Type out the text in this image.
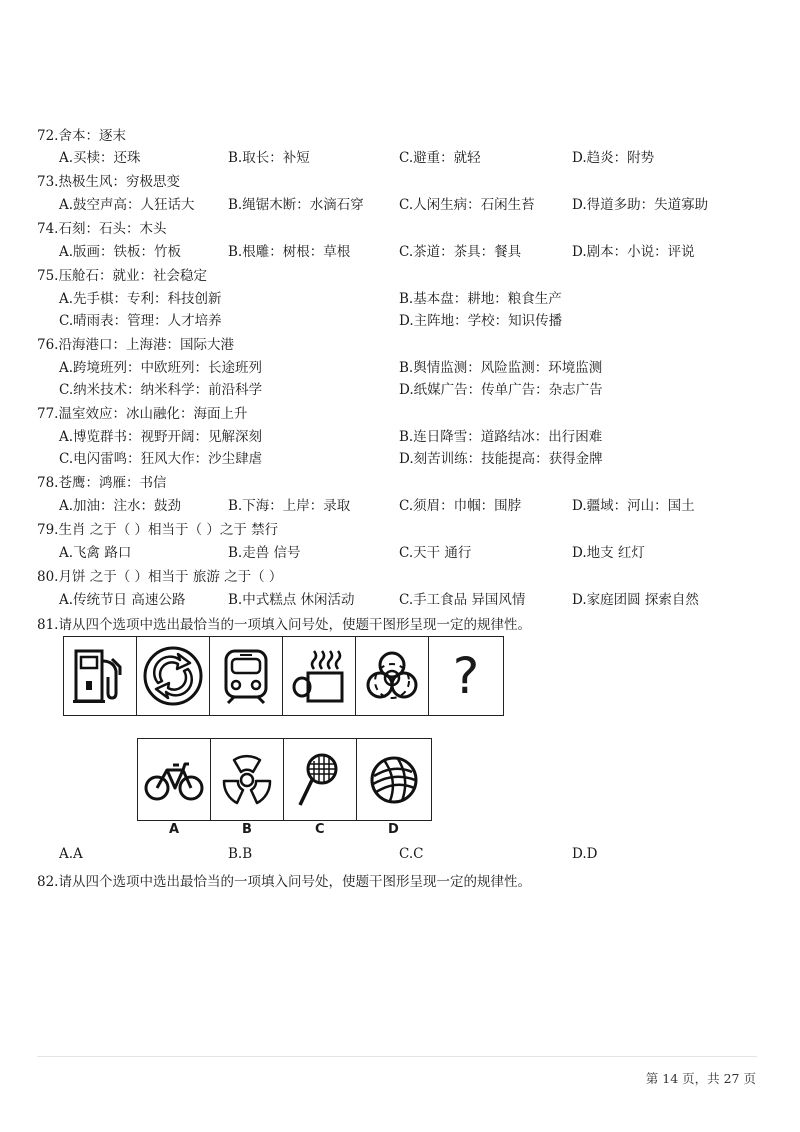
72.舍本：逐末
A.买椟：还珠	B.取长：补短	C.避重：就轻	D.趋炎：附势
73.热极生风：穷极思变
A.鼓空声高：人狂话大 B.绳锯木断：水滴石穿	C.人闲生病：石闲生苔	D.得道多助：失道寡助
74.石刻：石头：木头
A.版画：铁板：竹板	B.根雕：树根：草根	C.茶道：茶具：餐具	D.剧本：小说：评说
75.压舱石：就业：社会稳定
A.先手棋：专利：科技创新	B.基本盘：耕地：粮食生产
C.晴雨表：管理：人才培养	D.主阵地：学校：知识传播
76.沿海港口：上海港：国际大港
A.跨境班列：中欧班列：长途班列	B.舆情监测：风险监测：环境监测
C.纳米技术：纳米科学：前沿科学	D.纸媒广告：传单广告：杂志广告
77.温室效应：冰山融化：海面上升
A.博览群书：视野开阔：见解深刻	B.连日降雪：道路结冰：出行困难
C.电闪雷鸣：狂风大作：沙尘肆虐	D.刻苦训练：技能提高：获得金牌
78.苍鹰：鸿雁：书信
A.加油：注水：鼓劲	B.下海：上岸：录取	C.须眉：巾帼：围脖	D.疆域：河山：国土
79.生肖 之于（ ）相当于（ ）之于 禁行
A.飞禽 路口	B.走兽 信号	C.天干 通行	D.地支 红灯
80.月饼 之于（ ）相当于 旅游 之于（ ）
A.传统节日 高速公路	B.中式糕点 休闲活动	C.手工食品 异国风情	D.家庭团圆 探索自然
81.请从四个选项中选出最恰当的一项填入问号处，使题干图形呈现一定的规律性。
?
A	B	C	D
A.A	B.B	C.C	D.D
82.请从四个选项中选出最恰当的一项填入问号处，使题干图形呈现一定的规律性。
第 14 页，共 27 页
